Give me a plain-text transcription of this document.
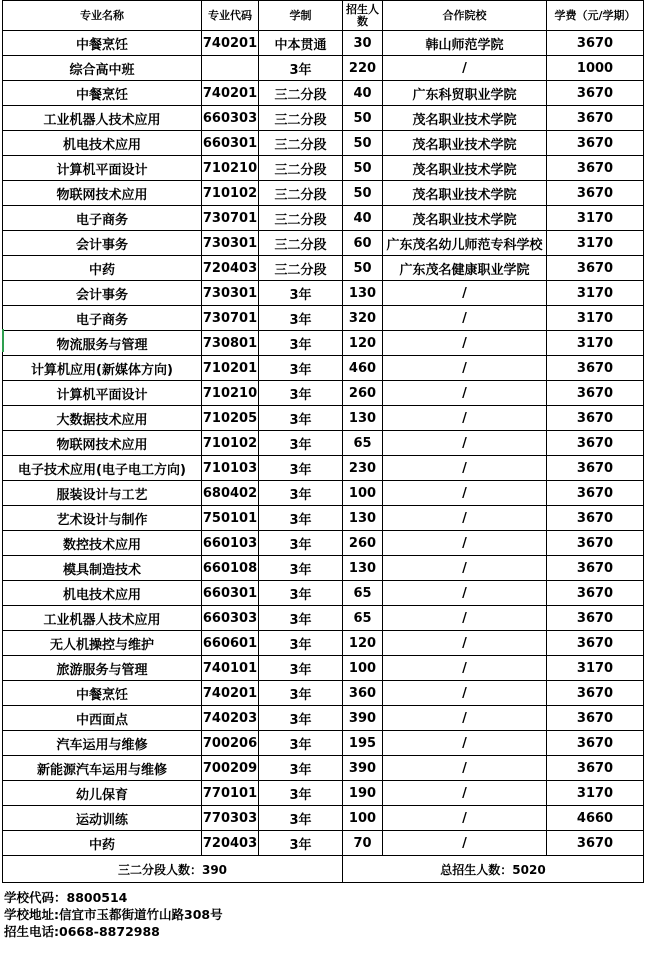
专业名称	专业代码	学制	招生人数	合作院校	学费（元/学期）

中餐烹饪	740201	中本贯通	30	韩山师范学院	3670
综合高中班		3年	220	/	1000
中餐烹饪	740201	三二分段	40	广东科贸职业学院	3670
工业机器人技术应用	660303	三二分段	50	茂名职业技术学院	3670
机电技术应用	660301	三二分段	50	茂名职业技术学院	3670
计算机平面设计	710210	三二分段	50	茂名职业技术学院	3670
物联网技术应用	710102	三二分段	50	茂名职业技术学院	3670
电子商务	730701	三二分段	40	茂名职业技术学院	3170
会计事务	730301	三二分段	60	广东茂名幼儿师范专科学校	3170
中药	720403	三二分段	50	广东茂名健康职业学院	3670
会计事务	730301	3年	130	/	3170
电子商务	730701	3年	320	/	3170
物流服务与管理	730801	3年	120	/	3170
计算机应用(新媒体方向)	710201	3年	460	/	3670
计算机平面设计	710210	3年	260	/	3670
大数据技术应用	710205	3年	130	/	3670
物联网技术应用	710102	3年	65	/	3670
电子技术应用(电子电工方向)	710103	3年	230	/	3670
服装设计与工艺	680402	3年	100	/	3670
艺术设计与制作	750101	3年	130	/	3670
数控技术应用	660103	3年	260	/	3670
模具制造技术	660108	3年	130	/	3670
机电技术应用	660301	3年	65	/	3670
工业机器人技术应用	660303	3年	65	/	3670
无人机操控与维护	660601	3年	120	/	3670
旅游服务与管理	740101	3年	100	/	3170
中餐烹饪	740201	3年	360	/	3670
中西面点	740203	3年	390	/	3670
汽车运用与维修	700206	3年	195	/	3670
新能源汽车运用与维修	700209	3年	390	/	3670
幼儿保育	770101	3年	190	/	3170
运动训练	770303	3年	100	/	4660
中药	720403	3年	70	/	3670
三二分段人数：390			总招生人数：5020		
学校代码：8800514
学校地址:信宜市玉都街道竹山路308号
招生电话:0668-8872988
